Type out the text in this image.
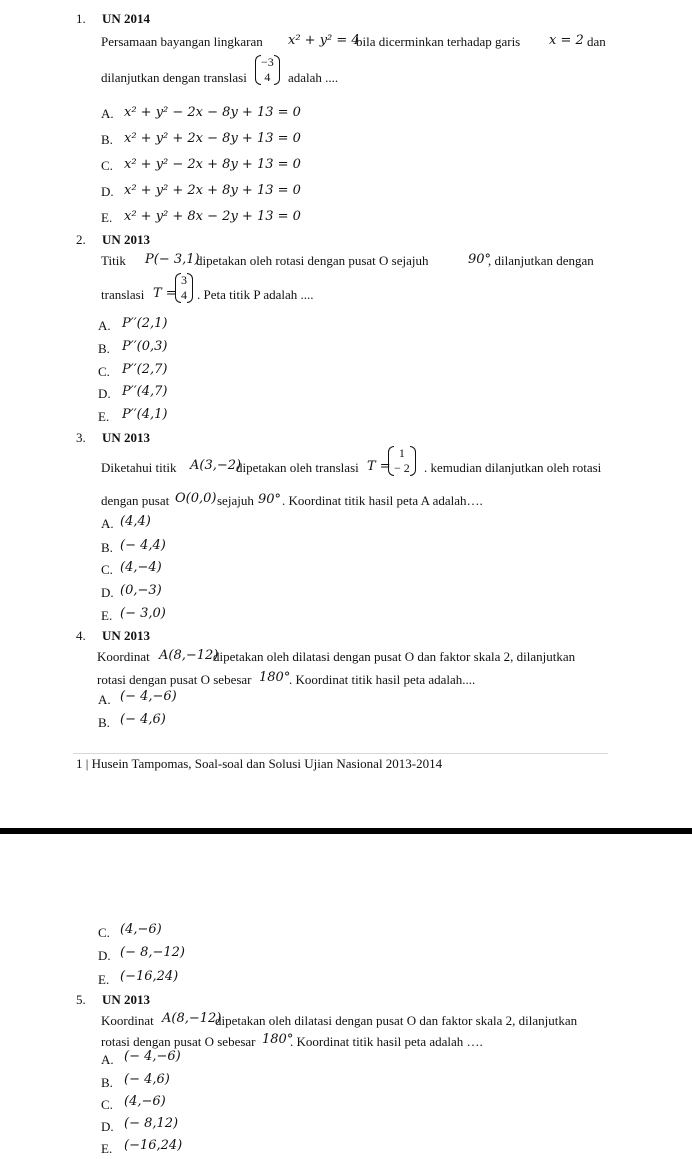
1. UN 2014
Persamaan bayangan lingkaran x² + y² = 4
bila dicerminkan terhadap garis x = 2 dan
dilanjutkan dengan translasi
−3
4	adalah ....
A. x² + y² − 2x − 8y + 13 = 0
B. x² + y² + 2x − 8y + 13 = 0
C. x² + y² − 2x + 8y + 13 = 0
D. x² + y² + 2x + 8y + 13 = 0
E. x² + y² + 8x − 2y + 13 = 0
2. UN 2013
Titik P(− 3,1)
dipetakan oleh rotasi dengan pusat O sejajuh	90°
, dilanjutkan dengan
translasi T =
3
4 . Peta titik P adalah ....
A. P′′(2,1)
B. P′′(0,3)
C. P′′(2,7)
D. P′′(4,7)
E. P′′(4,1)
3. UN 2013
Diketahui titik A(3,−2)
dipetakan oleh translasi T =
1
− 2	. kemudian dilanjutkan oleh rotasi
dengan pusat O(0,0) sejajuh 90° . Koordinat titik hasil peta A adalah….
A. (4,4)
B. (− 4,4)
C. (4,−4)
D. (0,−3)
E. (− 3,0)
4. UN 2013
Koordinat A(8,−12)
dipetakan oleh dilatasi dengan pusat O dan faktor skala 2, dilanjutkan
rotasi dengan pusat O sebesar 180°
. Koordinat titik hasil peta adalah....
A. (− 4,−6)
B. (− 4,6)
1 | Husein Tampomas, Soal-soal dan Solusi Ujian Nasional 2013-2014
C. (4,−6)
D. (− 8,−12)
E. (−16,24)
5. UN 2013
Koordinat A(8,−12)
dipetakan oleh dilatasi dengan pusat O dan faktor skala 2, dilanjutkan
rotasi dengan pusat O sebesar 180°
. Koordinat titik hasil peta adalah ….
A. (− 4,−6)
B. (− 4,6)
C. (4,−6)
D. (− 8,12)
E. (−16,24)
